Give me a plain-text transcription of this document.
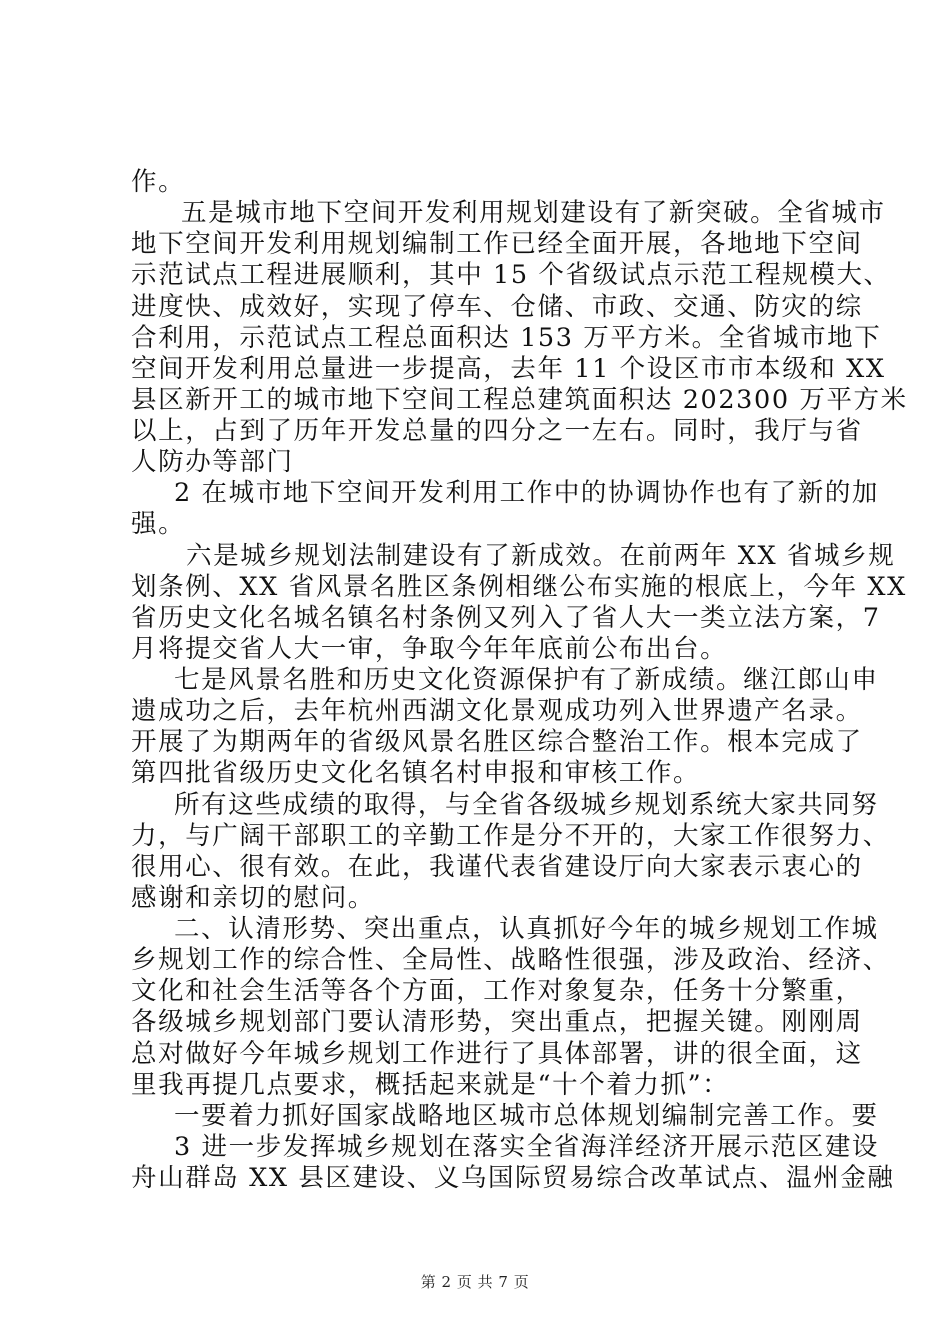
作。
五是城市地下空间开发利用规划建设有了新突破。全省城市
地下空间开发利用规划编制工作已经全面开展，各地地下空间
示范试点工程进展顺利，其中 15 个省级试点示范工程规模大、
进度快、成效好，实现了停车、仓储、市政、交通、防灾的综
合利用，示范试点工程总面积达 153 万平方米。全省城市地下
空间开发利用总量进一步提高，去年 11 个设区市市本级和 XX
县区新开工的城市地下空间工程总建筑面积达 202300 万平方米
以上，占到了历年开发总量的四分之一左右。同时，我厅与省
人防办等部门
2 在城市地下空间开发利用工作中的协调协作也有了新的加
强。
六是城乡规划法制建设有了新成效。在前两年 XX 省城乡规
划条例、XX 省风景名胜区条例相继公布实施的根底上，今年 XX
省历史文化名城名镇名村条例又列入了省人大一类立法方案，7
月将提交省人大一审，争取今年年底前公布出台。
七是风景名胜和历史文化资源保护有了新成绩。继江郎山申
遗成功之后，去年杭州西湖文化景观成功列入世界遗产名录。
开展了为期两年的省级风景名胜区综合整治工作。根本完成了
第四批省级历史文化名镇名村申报和审核工作。
所有这些成绩的取得，与全省各级城乡规划系统大家共同努
力，与广阔干部职工的辛勤工作是分不开的，大家工作很努力、
很用心、很有效。在此，我谨代表省建设厅向大家表示衷心的
感谢和亲切的慰问。
二、认清形势、突出重点，认真抓好今年的城乡规划工作城
乡规划工作的综合性、全局性、战略性很强，涉及政治、经济、
文化和社会生活等各个方面，工作对象复杂，任务十分繁重，
各级城乡规划部门要认清形势，突出重点，把握关键。刚刚周
总对做好今年城乡规划工作进行了具体部署，讲的很全面，这
里我再提几点要求，概括起来就是“十个着力抓”：
一要着力抓好国家战略地区城市总体规划编制完善工作。要
3 进一步发挥城乡规划在落实全省海洋经济开展示范区建设
舟山群岛 XX 县区建设、义乌国际贸易综合改革试点、温州金融
第 2 页 共 7 页
